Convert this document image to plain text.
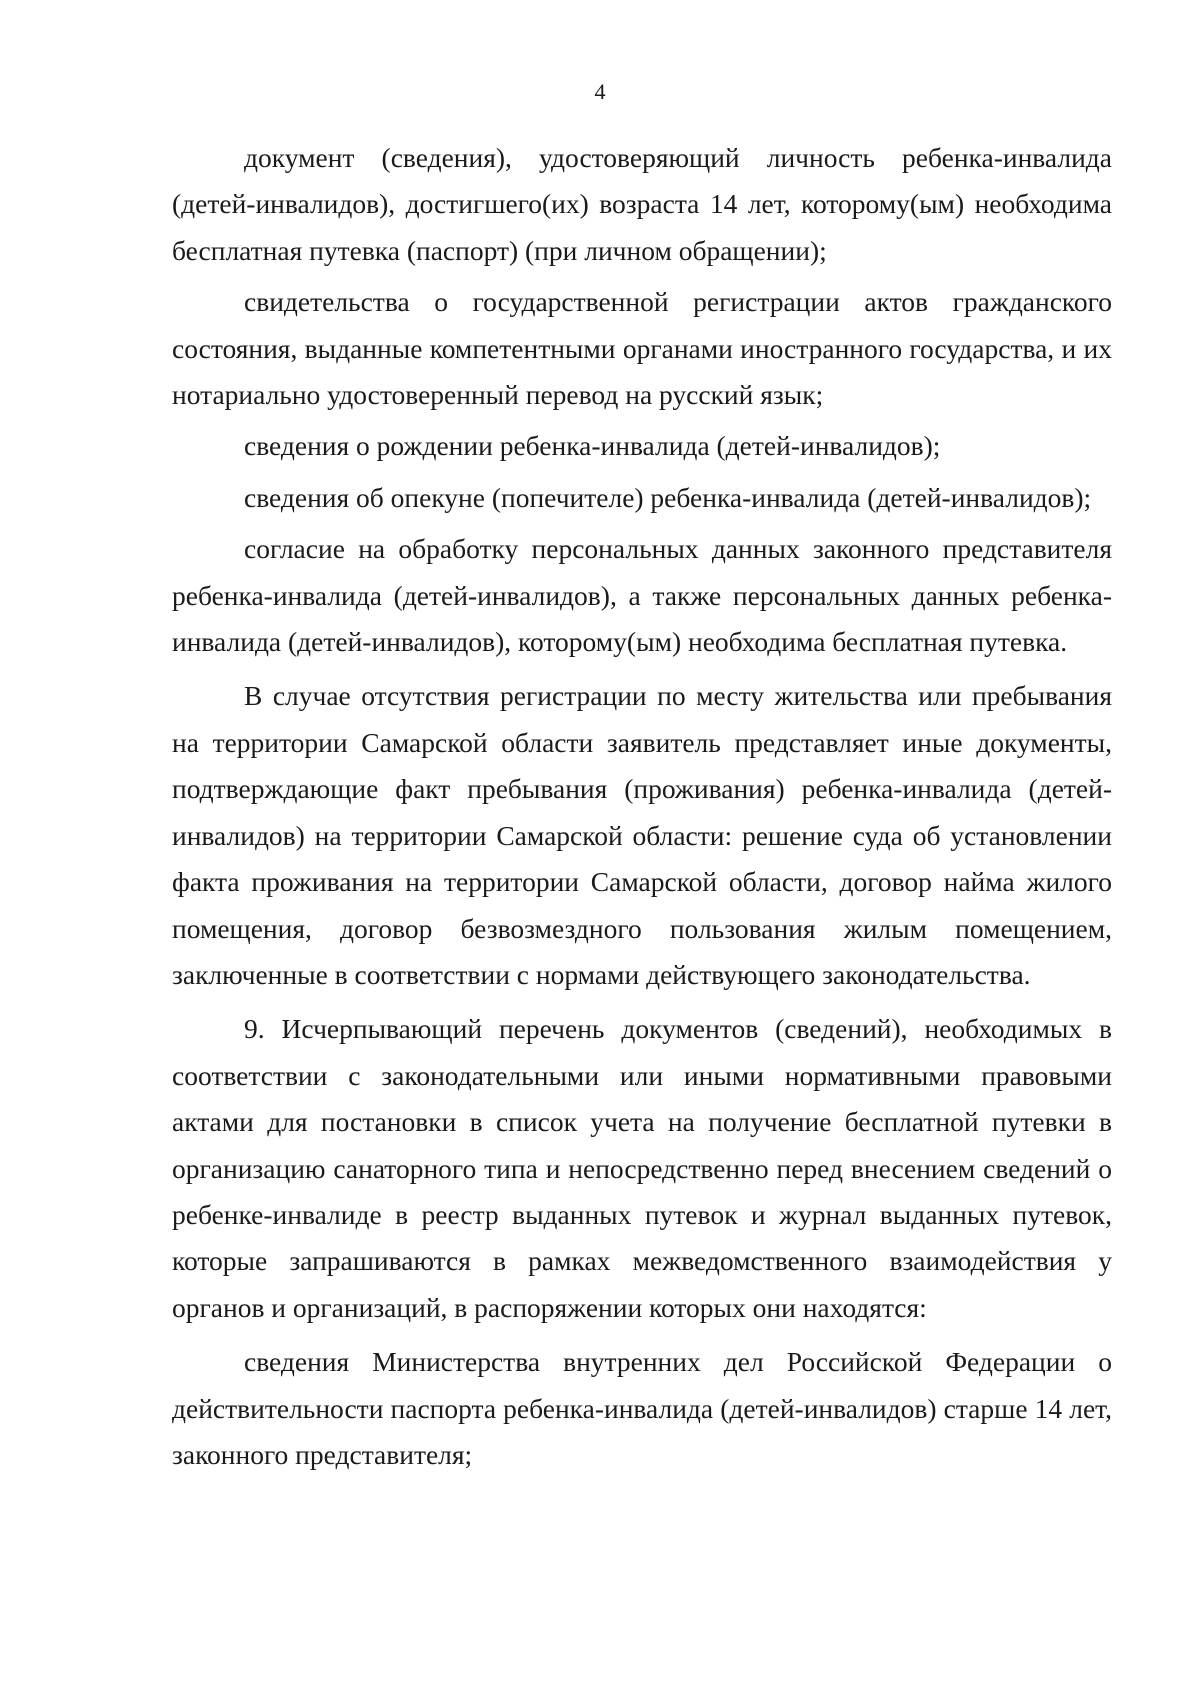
4

документ (сведения), удостоверяющий личность ребенка-инвалида (детей-инвалидов), достигшего(их) возраста 14 лет, которому(ым) необходима бесплатная путевка (паспорт) (при личном обращении);

свидетельства о государственной регистрации актов гражданского состояния, выданные компетентными органами иностранного государства, и их нотариально удостоверенный перевод на русский язык;

сведения о рождении ребенка-инвалида (детей-инвалидов);

сведения об опекуне (попечителе) ребенка-инвалида (детей-инвалидов);

согласие на обработку персональных данных законного представителя ребенка-инвалида (детей-инвалидов), а также персональных данных ребенка-инвалида (детей-инвалидов), которому(ым) необходима бесплатная путевка.

В случае отсутствия регистрации по месту жительства или пребывания на территории Самарской области заявитель представляет иные документы, подтверждающие факт пребывания (проживания) ребенка-инвалида (детей-инвалидов) на территории Самарской области: решение суда об установлении факта проживания на территории Самарской области, договор найма жилого помещения, договор безвозмездного пользования жилым помещением, заключенные в соответствии с нормами действующего законодательства.

9. Исчерпывающий перечень документов (сведений), необходимых в соответствии с законодательными или иными нормативными правовыми актами для постановки в список учета на получение бесплатной путевки в организацию санаторного типа и непосредственно перед внесением сведений о ребенке-инвалиде в реестр выданных путевок и журнал выданных путевок, которые запрашиваются в рамках межведомственного взаимодействия у органов и организаций, в распоряжении которых они находятся:

сведения Министерства внутренних дел Российской Федерации о действительности паспорта ребенка-инвалида (детей-инвалидов) старше 14 лет, законного представителя;
